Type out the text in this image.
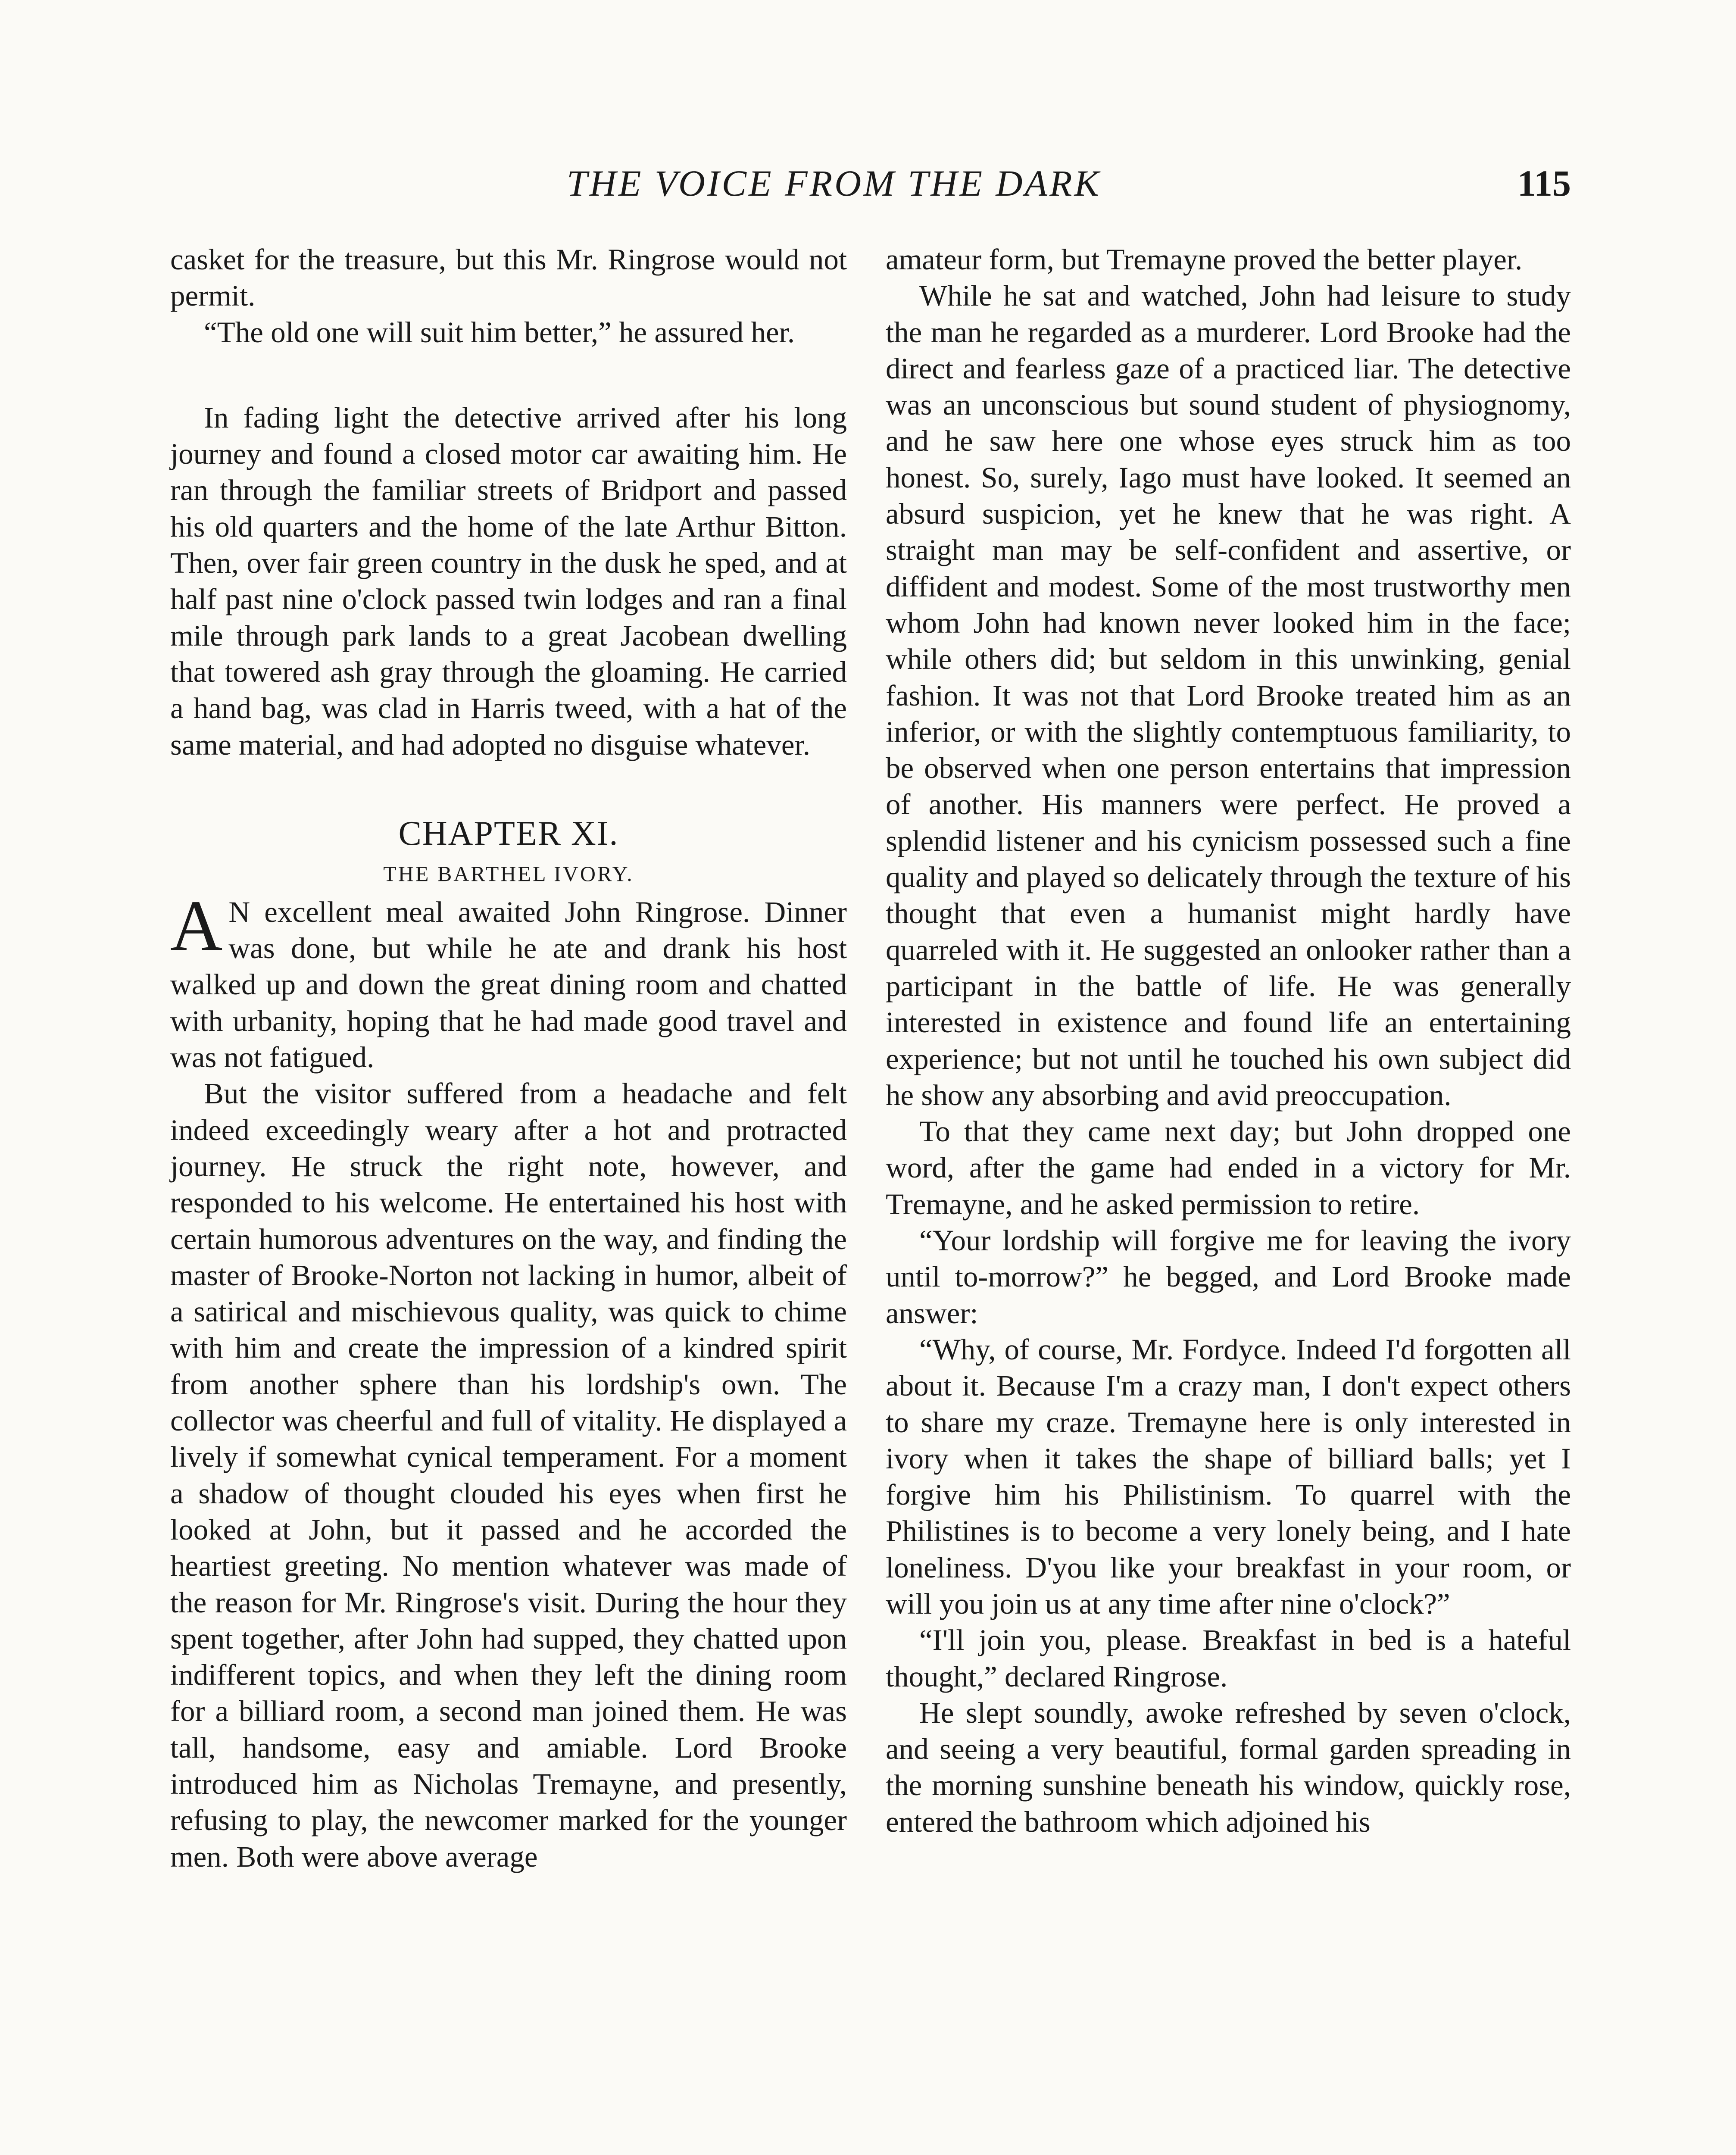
THE VOICE FROM THE DARK	115

casket for the treasure, but this Mr. Ringrose would not permit.

“The old one will suit him better,” he assured her.

In fading light the detective arrived after his long journey and found a closed motor car awaiting him. He ran through the familiar streets of Bridport and passed his old quarters and the home of the late Arthur Bitton. Then, over fair green country in the dusk he sped, and at half past nine o'clock passed twin lodges and ran a final mile through park lands to a great Jacobean dwelling that towered ash gray through the gloaming. He carried a hand bag, was clad in Harris tweed, with a hat of the same material, and had adopted no disguise whatever.

CHAPTER XI.
THE BARTHEL IVORY.

A N excellent meal awaited John Ringrose. Dinner was done, but while he ate and drank his host walked up and down the great dining room and chatted with urbanity, hoping that he had made good travel and was not fatigued.

But the visitor suffered from a headache and felt indeed exceedingly weary after a hot and protracted journey. He struck the right note, however, and responded to his welcome. He entertained his host with certain humorous adventures on the way, and finding the master of Brooke-Norton not lacking in humor, albeit of a satirical and mischievous quality, was quick to chime with him and create the impression of a kindred spirit from another sphere than his lordship's own. The collector was cheerful and full of vitality. He displayed a lively if somewhat cynical temperament. For a moment a shadow of thought clouded his eyes when first he looked at John, but it passed and he accorded the heartiest greeting. No mention whatever was made of the reason for Mr. Ringrose's visit. During the hour they spent together, after John had supped, they chatted upon indifferent topics, and when they left the dining room for a billiard room, a second man joined them. He was tall, handsome, easy and amiable. Lord Brooke introduced him as Nicholas Tremayne, and presently, refusing to play, the newcomer marked for the younger men. Both were above average

amateur form, but Tremayne proved the better player.

While he sat and watched, John had leisure to study the man he regarded as a murderer. Lord Brooke had the direct and fearless gaze of a practiced liar. The detective was an unconscious but sound student of physiognomy, and he saw here one whose eyes struck him as too honest. So, surely, Iago must have looked. It seemed an absurd suspicion, yet he knew that he was right. A straight man may be self-confident and assertive, or diffident and modest. Some of the most trustworthy men whom John had known never looked him in the face; while others did; but seldom in this unwinking, genial fashion. It was not that Lord Brooke treated him as an inferior, or with the slightly contemptuous familiarity, to be observed when one person entertains that impression of another. His manners were perfect. He proved a splendid listener and his cynicism possessed such a fine quality and played so delicately through the texture of his thought that even a humanist might hardly have quarreled with it. He suggested an onlooker rather than a participant in the battle of life. He was generally interested in existence and found life an entertaining experience; but not until he touched his own subject did he show any absorbing and avid preoccupation.

To that they came next day; but John dropped one word, after the game had ended in a victory for Mr. Tremayne, and he asked permission to retire.

“Your lordship will forgive me for leaving the ivory until to-morrow?” he begged, and Lord Brooke made answer:

“Why, of course, Mr. Fordyce. Indeed I'd forgotten all about it. Because I'm a crazy man, I don't expect others to share my craze. Tremayne here is only interested in ivory when it takes the shape of billiard balls; yet I forgive him his Philistinism. To quarrel with the Philistines is to become a very lonely being, and I hate loneliness. D'you like your breakfast in your room, or will you join us at any time after nine o'clock?”

“I'll join you, please. Breakfast in bed is a hateful thought,” declared Ringrose.

He slept soundly, awoke refreshed by seven o'clock, and seeing a very beautiful, formal garden spreading in the morning sunshine beneath his window, quickly rose, entered the bathroom which adjoined his
